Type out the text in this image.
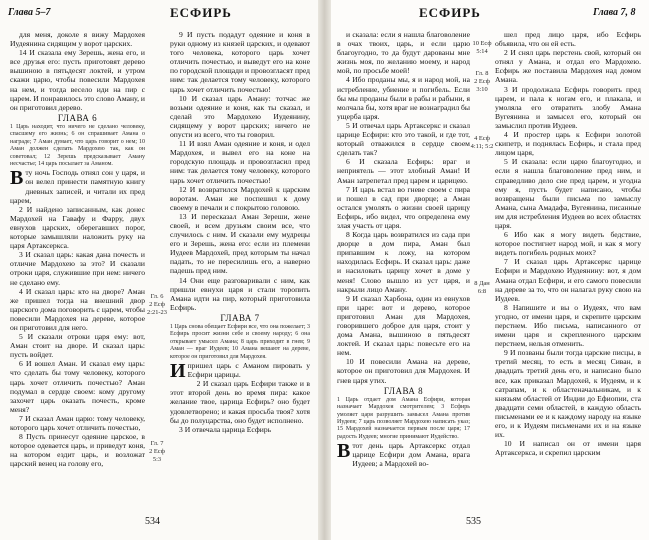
Глава 5–7	ЕСФИРЬ

для меня, доколе я вижу Мардохея Иудеянина сидящим у ворот царских.

14 И сказала ему Зерешь, жена его, и все друзья его: пусть приготовят дерево вышиною в пятьдесят локтей, и утром скажи царю, чтобы повесили Мардохея на нем, и тогда весело иди на пир с царем. И понравилось это слово Аману, и он приготовил дерево.

ГЛАВА 6

1 Царь находит, что ничего не сделано человеку, спасшему его жизнь; 6 он спрашивает Амана о награде; 7 Аман думает, что царь говорит о нем; 10 Аман должен сделать Мардохею так, как он советовал; 12 Зерешь предсказывает Аману несчастье; 14 царь посылает за Аманом.

Вту ночь Господь отнял сон у царя, и он велел принести памятную книгу дневных записей, и читали их пред царем,

2 И найдено записанным, как донес Мардохей на Гавафу и Фарру, двух евнухов царских, оберегавших порог, которые замышляли наложить руку на царя Артаксеркса.

3 И сказал царь: какая дана почесть и отличие Мардохею за это? И сказали отроки царя, служившие при нем: ничего не сделано ему.

4 И сказал царь: кто на дворе? Аман же пришел тогда на внешний двор царского дома поговорить с царем, чтобы повесили Мардохея на дереве, которое он приготовил для него.

5 И сказали отроки царя ему: вот, Аман стоит на дворе. И сказал царь: пусть войдет.

6 И вошел Аман. И сказал ему царь: что сделать бы тому человеку, которого царь хочет отличить почестью? Аман подумал в сердце своем: кому другому захочет царь оказать почесть, кроме меня?

7 И сказал Аман царю: тому человеку, которого царь хочет отличить почестью,

8 Пусть принесут одеяние царское, в которое одевается царь, и приведут коня, на котором ездит царь, и возложат царский венец на голову его,

Гл. 6
2 Есф
2:21-23
Гл. 7
2 Есф 5:3

9 И пусть подадут одеяние и коня в руки одному из князей царских, и одевают того человека, которого царь хочет отличить почестью, и выведут его на коне по городской площади и провозгласят пред ним: так делается тому человеку, которого царь хочет отличить почестью!

10 И сказал царь Аману: тотчас же возьми одеяние и коня, как ты сказал, и сделай это Мардохею Иудеянину, сидящему у ворот царских; ничего не опусти из всего, что ты говорил.

11 И взял Аман одеяние и коня, и одел Мардохея, и вывел его на коне на городскую площадь и провозгласил пред ним: так делается тому человеку, которого царь хочет отличить почестью!

12 И возвратился Мардохей к царским воротам. Аман же поспешил к дому своему в печали и с покрытою головою.

13 И пересказал Аман Зереши, жене своей, и всем друзьям своим все, что случилось с ним. И сказали ему мудрецы его и Зерешь, жена его: если из племени Иудеев Мардохей, пред которым ты начал падать, то не пересилишь его, а наверно падешь пред ним.

14 Они еще разговаривали с ним, как пришли евнухи царя и стали торопить Амана идти на пир, который приготовила Есфирь.

ГЛАВА 7

1 Царь снова обещает Есфири все, что она пожелает; 3 Есфирь просит жизни себе и своему народу; 6 она открывает умысел Амана; 8 царь приходит в гнев; 9 Аман — враг Иудеев; 10 Амана вешают на дереве, которое он приготовил для Мардохея.

Ипришел царь с Аманом пировать у Есфири царицы.

2 И сказал царь Есфири также и в этот второй день во время пира: какое желание твое, царица Есфирь? оно будет удовлетворено; и какая просьба твоя? хотя бы до полуцарства, оно будет исполнено.

3 И отвечала царица Есфирь

534
ЕСФИРЬ	Глава 7, 8

и сказала: если я нашла благоволение в очах твоих, царь, и если царю благоугодно, то да будут дарованы мне жизнь моя, по желанию моему, и народ мой, по просьбе моей!

4 Ибо проданы мы, я и народ мой, на истребление, убиение и погибель. Если бы мы проданы были в рабы и рабыни, я молчала бы, хотя враг не вознаградил бы ущерба царя.

5 И отвечал царь Артаксеркс и сказал царице Есфири: кто это такой, и где тот, который отважился в сердце своем сделать так?

6 И сказала Есфирь: враг и неприятель — этот злобный Аман! И Аман затрепетал пред царем и царицею.

7 И царь встал во гневе своем с пира и пошел в сад при дворце; а Аман остался умолять о жизни своей царицу Есфирь, ибо видел, что определена ему злая участь от царя.

8 Когда царь возвратился из сада при дворце в дом пира, Аман был припавшим к ложу, на котором находилась Есфирь. И сказал царь: даже и насиловать царицу хочет в доме у меня! Слово вышло из уст царя, и накрыли лицо Аману.

9 И сказал Харбона, один из евнухов при царе: вот и дерево, которое приготовил Аман для Мардохея, говорившего доброе для царя, стоит у дома Амана, вышиною в пятьдесят локтей. И сказал царь: повесьте его на нем.

10 И повесили Амана на дереве, которое он приготовил для Мардохея. И гнев царя утих.

ГЛАВА 8

1 Царь отдает дом Амана Есфири, которая назначает Мардохея смотрителем; 3 Есфирь умоляет царя разрушить замысел Амана против Иудеев; 7 царь позволяет Мардохею написать указ; 15 Мардохей назначается первым после царя; 17 радость Иудеев; многие принимают Иудейство.

Втот день царь Артаксеркс отдал царице Есфири дом Амана, врага Иудеев; а Мардохей во-

10 Есф
5:14
Гл. 8
2 Есф
3:10
4 Есф
4:11; 5:2
8 Дан 6:8

шел пред лицо царя, ибо Есфирь объявила, что он ей есть.

2 И снял царь перстень свой, который он отнял у Амана, и отдал его Мардохею. Есфирь же поставила Мардохея над домом Амана.

3 И продолжала Есфирь говорить пред царем, и пала к ногам его, и плакала, и умоляла его отвратить злобу Амана Вугеянина и замысел его, который он замыслил против Иудеев.

4 И простер царь к Есфири золотой скипетр, и поднялась Есфирь, и стала пред лицом царя,

5 И сказала: если царю благоугодно, и если я нашла благоволение пред ним, и справедливо дело сие пред царем, и угодна ему я, пусть будет написано, чтобы возвращены были письма по замыслу Амана, сына Амадафа, Вугеянина, писанные им для истребления Иудеев во всех областях царя.

6 Ибо как я могу видеть бедствие, которое постигнет народ мой, и как я могу видеть погибель родных моих?

7 И сказал царь Артаксеркс царице Есфири и Мардохею Иудеянину: вот, я дом Амана отдал Есфири, и его самого повесили на дереве за то, что он налагал руку свою на Иудеев.

8 Напишите и вы о Иудеях, что вам угодно, от имени царя, и скрепите царским перстнем. Ибо письма, написанного от имени царя и скрепленного царским перстнем, нельзя отменить.

9 И позваны были тогда царские писцы, в третий месяц, то есть в месяц Сиван, в двадцать третий день его, и написано было все, как приказал Мардохей, к Иудеям, и к сатрапам, и к областеначальникам, и к князьям областей от Индии до Ефиопии, ста двадцати семи областей, в каждую область письменами ее и к каждому народу на языке его, и к Иудеям письменами их и на языке их.

10 И написал он от имени царя Артаксеркса, и скрепил царским

535
